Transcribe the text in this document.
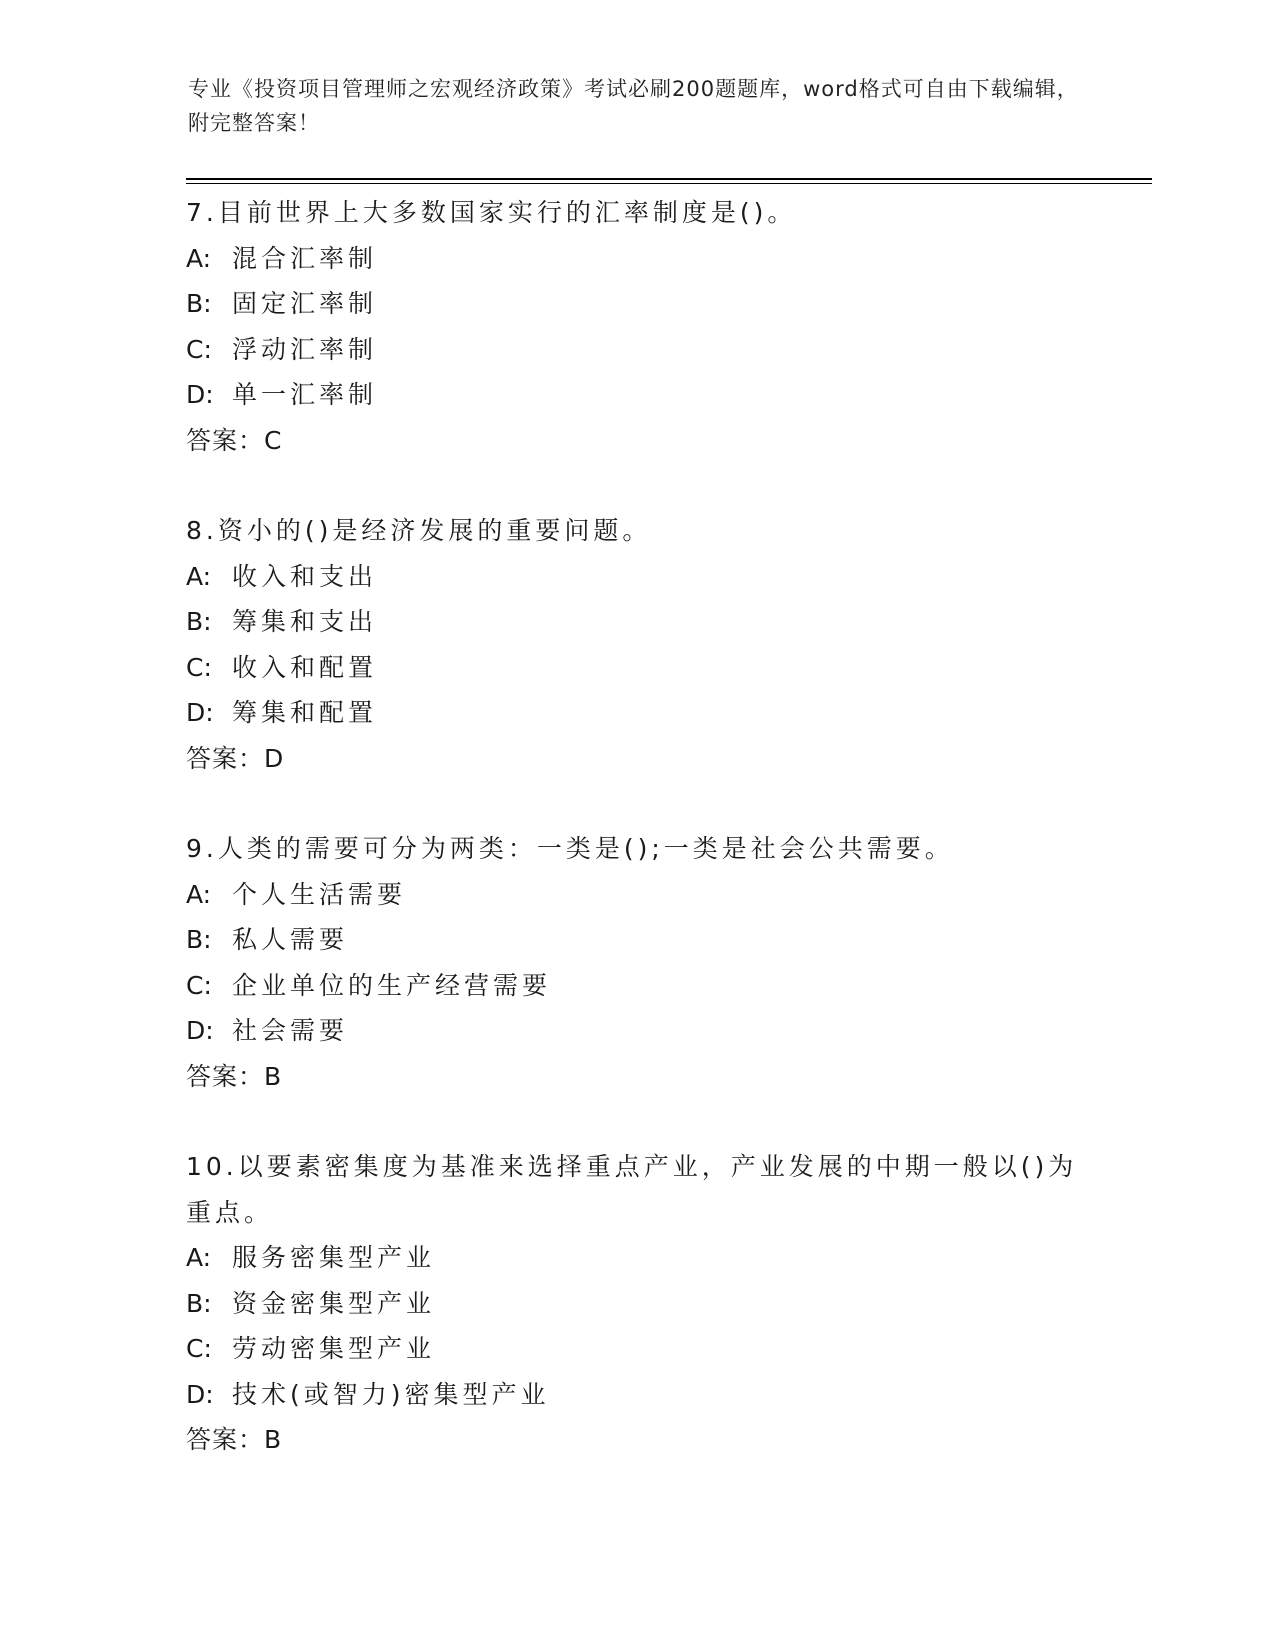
专业《投资项目管理师之宏观经济政策》考试必刷200题题库，word格式可自由下载编辑，附完整答案！
7.目前世界上大多数国家实行的汇率制度是()。
A: 混合汇率制
B: 固定汇率制
C: 浮动汇率制
D: 单一汇率制
答案：C
8.资小的()是经济发展的重要问题。
A: 收入和支出
B: 筹集和支出
C: 收入和配置
D: 筹集和配置
答案：D
9.人类的需要可分为两类：一类是();一类是社会公共需要。
A: 个人生活需要
B: 私人需要
C: 企业单位的生产经营需要
D: 社会需要
答案：B
10.以要素密集度为基准来选择重点产业，产业发展的中期一般以()为重点。
A: 服务密集型产业
B: 资金密集型产业
C: 劳动密集型产业
D: 技术(或智力)密集型产业
答案：B
